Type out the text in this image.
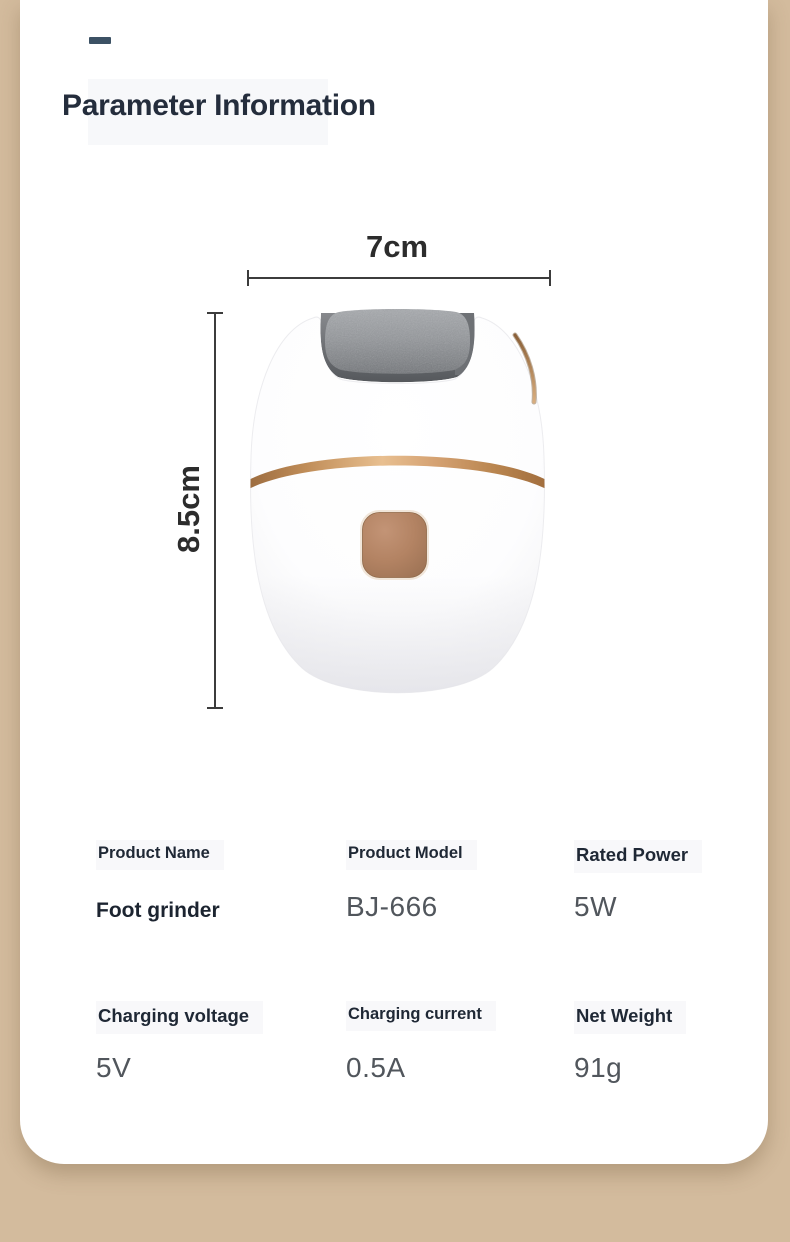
Parameter Information
7cm
8.5cm
Product Name	Product Model	Rated Power
Foot grinder	BJ-666	5W
Charging voltage	Charging current	Net Weight
5V	0.5A	91g
